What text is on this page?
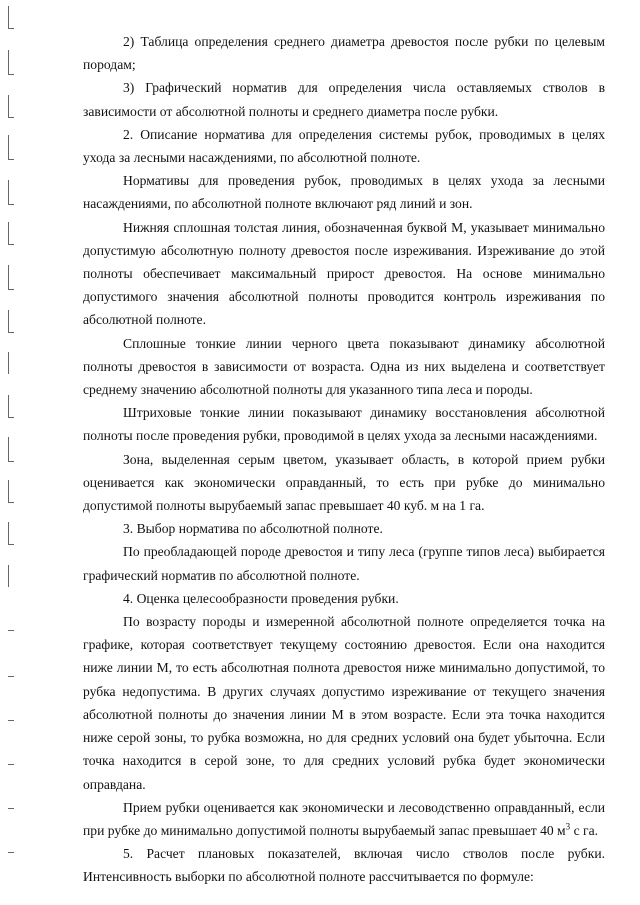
2) Таблица определения среднего диаметра древостоя после рубки по целевым породам;

3) Графический норматив для определения числа оставляемых стволов в зависимости от абсолютной полноты и среднего диаметра после рубки.

2. Описание норматива для определения системы рубок, проводимых в целях ухода за лесными насаждениями, по абсолютной полноте.

Нормативы для проведения рубок, проводимых в целях ухода за лесными насаждениями, по абсолютной полноте включают ряд линий и зон.

Нижняя сплошная толстая линия, обозначенная буквой М, указывает минимально допустимую абсолютную полноту древостоя после изреживания. Изреживание до этой полноты обеспечивает максимальный прирост древостоя. На основе минимально допустимого значения абсолютной полноты проводится контроль изреживания по абсолютной полноте.

Сплошные тонкие линии черного цвета показывают динамику абсолютной полноты древостоя в зависимости от возраста. Одна из них выделена и соответствует среднему значению абсолютной полноты для указанного типа леса и породы.

Штриховые тонкие линии показывают динамику восстановления абсолютной полноты после проведения рубки, проводимой в целях ухода за лесными насаждениями.

Зона, выделенная серым цветом, указывает область, в которой прием рубки оценивается как экономически оправданный, то есть при рубке до минимально допустимой полноты вырубаемый запас превышает 40 куб. м на 1 га.

3. Выбор норматива по абсолютной полноте.

По преобладающей породе древостоя и типу леса (группе типов леса) выбирается графический норматив по абсолютной полноте.

4. Оценка целесообразности проведения рубки.

По возрасту породы и измеренной абсолютной полноте определяется точка на графике, которая соответствует текущему состоянию древостоя. Если она находится ниже линии М, то есть абсолютная полнота древостоя ниже минимально допустимой, то рубка недопустима. В других случаях допустимо изреживание от текущего значения абсолютной полноты до значения линии М в этом возрасте. Если эта точка находится ниже серой зоны, то рубка возможна, но для средних условий она будет убыточна. Если точка находится в серой зоне, то для средних условий рубка будет экономически оправдана.

Прием рубки оценивается как экономически и лесоводственно оправданный, если при рубке до минимально допустимой полноты вырубаемый запас превышает 40 $м^3$ с га.

5. Расчет плановых показателей, включая число стволов после рубки. Интенсивность выборки по абсолютной полноте рассчитывается по формуле:
